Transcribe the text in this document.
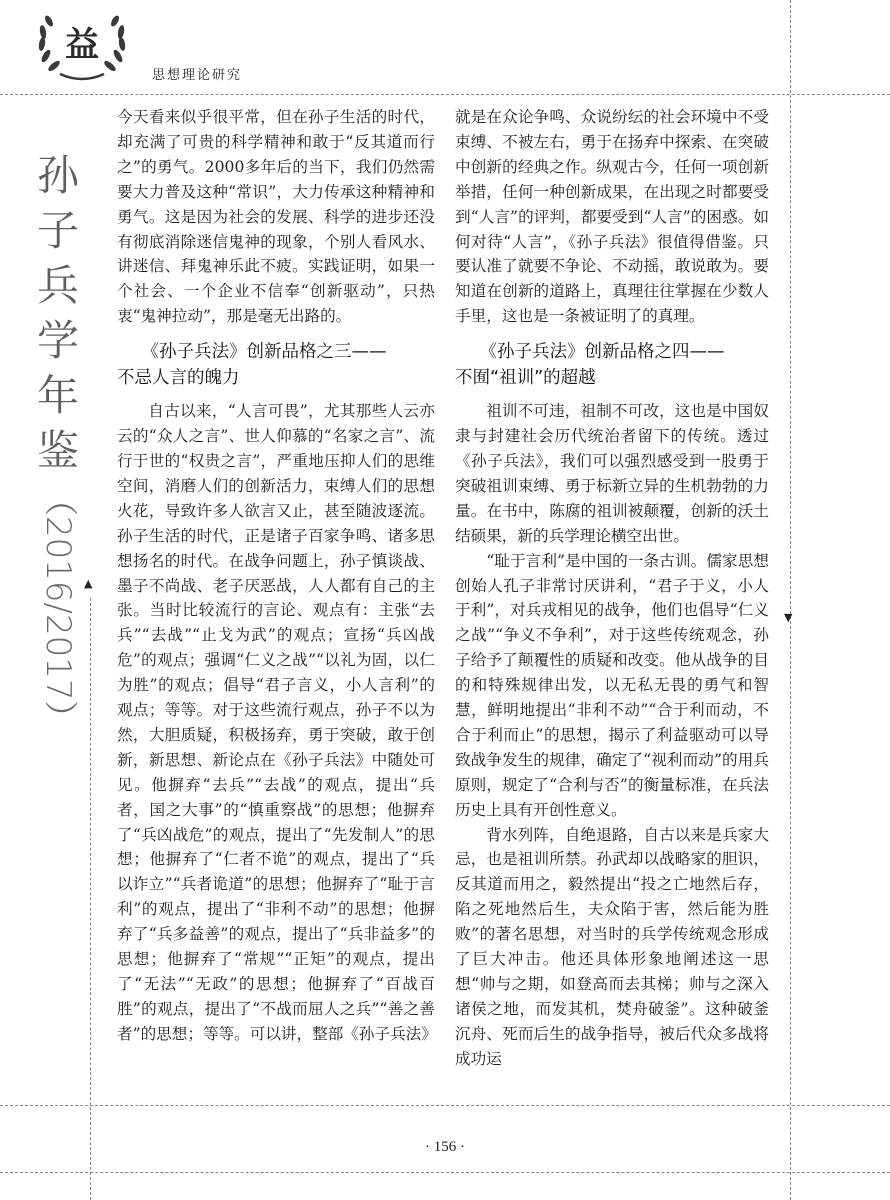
▲
▼
益
思想理论研究
孙
子
兵
学
年
鉴
（2016/2017）

今天看来似乎很平常，但在孙子生活的时代，却充满了可贵的科学精神和敢于“反其道而行之”的勇气。2000多年后的当下，我们仍然需要大力普及这种“常识”，大力传承这种精神和勇气。这是因为社会的发展、科学的进步还没有彻底消除迷信鬼神的现象，个别人看风水、讲迷信、拜鬼神乐此不疲。实践证明，如果一个社会、一个企业不信奉“创新驱动”，只热衷“鬼神拉动”，那是毫无出路的。

《孙子兵法》创新品格之三——
不忌人言的魄力

自古以来，“人言可畏”，尤其那些人云亦云的“众人之言”、世人仰慕的“名家之言”、流行于世的“权贵之言”，严重地压抑人们的思维空间，消磨人们的创新活力，束缚人们的思想火花，导致许多人欲言又止，甚至随波逐流。孙子生活的时代，正是诸子百家争鸣、诸多思想扬名的时代。在战争问题上，孙子慎谈战、墨子不尚战、老子厌恶战，人人都有自己的主张。当时比较流行的言论、观点有：主张“去兵”“去战”“止戈为武”的观点；宣扬“兵凶战危”的观点；强调“仁义之战”“以礼为固，以仁为胜”的观点；倡导“君子言义，小人言利”的观点；等等。对于这些流行观点，孙子不以为然，大胆质疑，积极扬弃，勇于突破，敢于创新，新思想、新论点在《孙子兵法》中随处可见。他摒弃“去兵”“去战”的观点，提出“兵者，国之大事”的“慎重察战”的思想；他摒弃了“兵凶战危”的观点，提出了“先发制人”的思想；他摒弃了“仁者不诡”的观点，提出了“兵以诈立”“兵者诡道”的思想；他摒弃了“耻于言利”的观点，提出了“非利不动”的思想；他摒弃了“兵多益善”的观点，提出了“兵非益多”的思想；他摒弃了“常规”“正矩”的观点，提出了“无法”“无政”的思想；他摒弃了“百战百胜”的观点，提出了“不战而屈人之兵”“善之善者”的思想；等等。可以讲，整部《孙子兵法》

就是在众论争鸣、众说纷纭的社会环境中不受束缚、不被左右，勇于在扬弃中探索、在突破中创新的经典之作。纵观古今，任何一项创新举措，任何一种创新成果，在出现之时都要受到“人言”的评判，都要受到“人言”的困惑。如何对待“人言”，《孙子兵法》很值得借鉴。只要认准了就要不争论、不动摇，敢说敢为。要知道在创新的道路上，真理往往掌握在少数人手里，这也是一条被证明了的真理。

《孙子兵法》创新品格之四——
不囿“祖训”的超越

祖训不可违，祖制不可改，这也是中国奴隶与封建社会历代统治者留下的传统。透过《孙子兵法》，我们可以强烈感受到一股勇于突破祖训束缚、勇于标新立异的生机勃勃的力量。在书中，陈腐的祖训被颠覆，创新的沃土结硕果，新的兵学理论横空出世。

“耻于言利”是中国的一条古训。儒家思想创始人孔子非常讨厌讲利，“君子于义，小人于利”，对兵戎相见的战争，他们也倡导“仁义之战”“争义不争利”，对于这些传统观念，孙子给予了颠覆性的质疑和改变。他从战争的目的和特殊规律出发，以无私无畏的勇气和智慧，鲜明地提出“非利不动”“合于利而动，不合于利而止”的思想，揭示了利益驱动可以导致战争发生的规律，确定了“视利而动”的用兵原则，规定了“合利与否”的衡量标准，在兵法历史上具有开创性意义。

背水列阵，自绝退路，自古以来是兵家大忌，也是祖训所禁。孙武却以战略家的胆识，反其道而用之，毅然提出“投之亡地然后存，陷之死地然后生，夫众陷于害，然后能为胜败”的著名思想，对当时的兵学传统观念形成了巨大冲击。他还具体形象地阐述这一思想“帅与之期，如登高而去其梯；帅与之深入诸侯之地，而发其机，焚舟破釜”。这种破釜沉舟、死而后生的战争指导，被后代众多战将成功运

· 156 ·
